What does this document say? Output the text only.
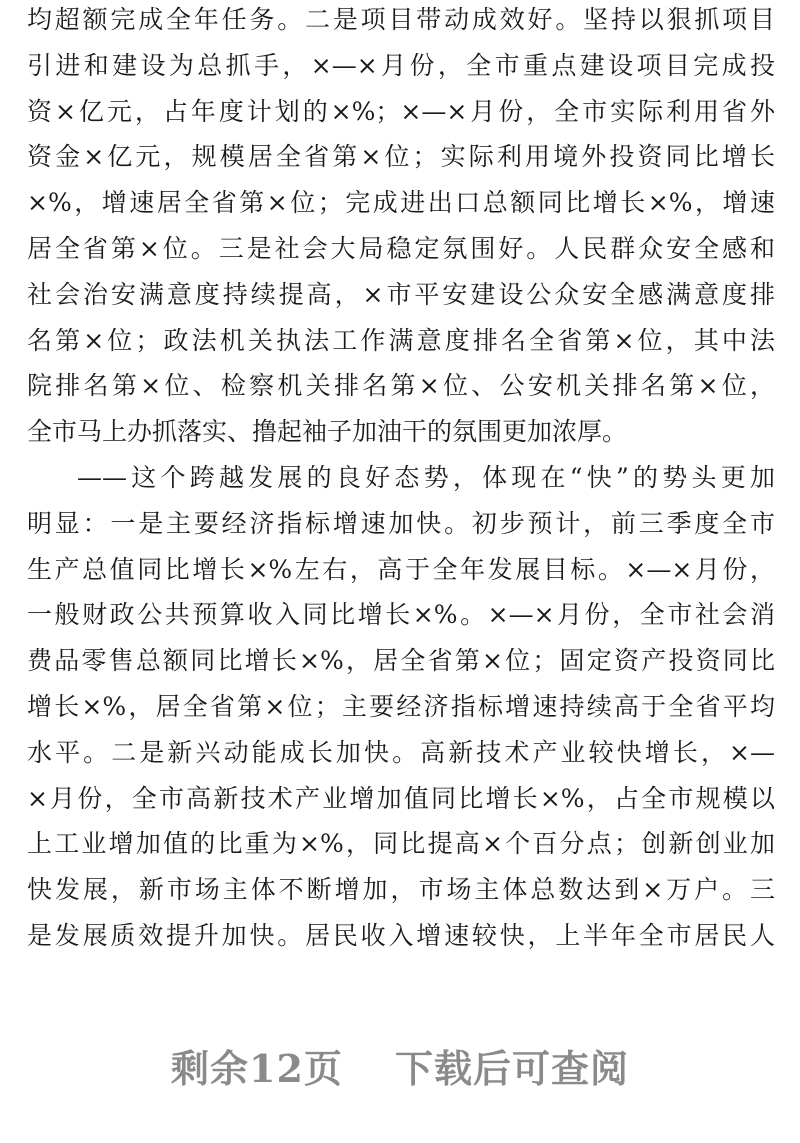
均超额完成全年任务。二是项目带动成效好。坚持以狠抓项目
引进和建设为总抓手，×—×月份，全市重点建设项目完成投
资×亿元，占年度计划的×%；×—×月份，全市实际利用省外
资金×亿元，规模居全省第×位；实际利用境外投资同比增长
×%，增速居全省第×位；完成进出口总额同比增长×%，增速
居全省第×位。三是社会大局稳定氛围好。人民群众安全感和
社会治安满意度持续提高，×市平安建设公众安全感满意度排
名第×位；政法机关执法工作满意度排名全省第×位，其中法
院排名第×位、检察机关排名第×位、公安机关排名第×位，
全市马上办抓落实、撸起袖子加油干的氛围更加浓厚。
——这个跨越发展的良好态势，体现在“快”的势头更加
明显：一是主要经济指标增速加快。初步预计，前三季度全市
生产总值同比增长×%左右，高于全年发展目标。×—×月份，
一般财政公共预算收入同比增长×%。×—×月份，全市社会消
费品零售总额同比增长×%，居全省第×位；固定资产投资同比
增长×%，居全省第×位；主要经济指标增速持续高于全省平均
水平。二是新兴动能成长加快。高新技术产业较快增长，×—
×月份，全市高新技术产业增加值同比增长×%，占全市规模以
上工业增加值的比重为×%，同比提高×个百分点；创新创业加
快发展，新市场主体不断增加，市场主体总数达到×万户。三
是发展质效提升加快。居民收入增速较快，上半年全市居民人
剩余12页 下载后可查阅
